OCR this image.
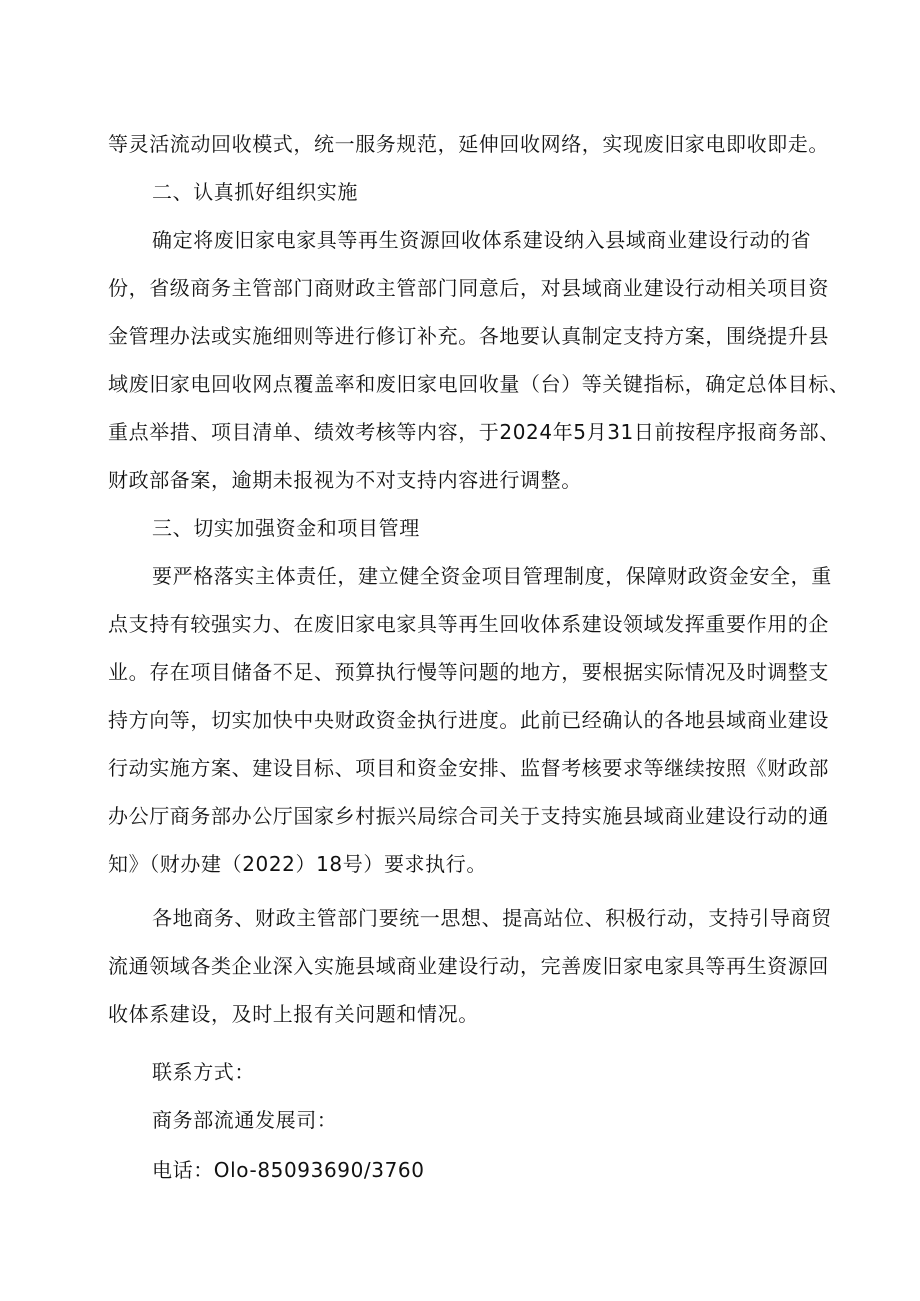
等灵活流动回收模式，统一服务规范，延伸回收网络，实现废旧家电即收即走。
二、认真抓好组织实施
确定将废旧家电家具等再生资源回收体系建设纳入县域商业建设行动的省
份，省级商务主管部门商财政主管部门同意后，对县域商业建设行动相关项目资
金管理办法或实施细则等进行修订补充。各地要认真制定支持方案，围绕提升县
域废旧家电回收网点覆盖率和废旧家电回收量（台）等关键指标，确定总体目标、
重点举措、项目清单、绩效考核等内容，于2024年5月31日前按程序报商务部、
财政部备案，逾期未报视为不对支持内容进行调整。
三、切实加强资金和项目管理
要严格落实主体责任，建立健全资金项目管理制度，保障财政资金安全，重
点支持有较强实力、在废旧家电家具等再生回收体系建设领域发挥重要作用的企
业。存在项目储备不足、预算执行慢等问题的地方，要根据实际情况及时调整支
持方向等，切实加快中央财政资金执行进度。此前已经确认的各地县域商业建设
行动实施方案、建设目标、项目和资金安排、监督考核要求等继续按照《财政部
办公厅商务部办公厅国家乡村振兴局综合司关于支持实施县域商业建设行动的通
知》（财办建（2022）18号）要求执行。
各地商务、财政主管部门要统一思想、提高站位、积极行动，支持引导商贸
流通领域各类企业深入实施县域商业建设行动，完善废旧家电家具等再生资源回
收体系建设，及时上报有关问题和情况。
联系方式：
商务部流通发展司：
电话：Olo-85093690/3760
